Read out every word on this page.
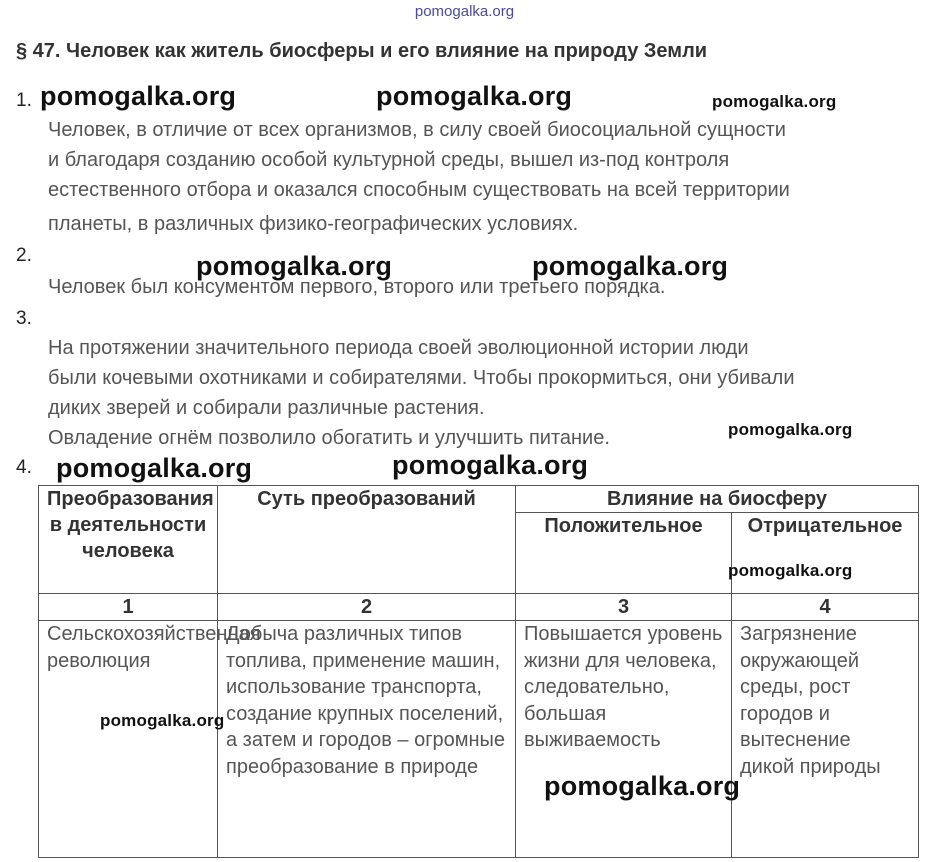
pomogalka.org
§ 47. Человек как житель биосферы и его влияние на природу Земли
1.
Человек, в отличие от всех организмов, в силу своей биосоциальной сущности
и благодаря созданию особой культурной среды, вышел из-под контроля
естественного отбора и оказался способным существовать на всей территории
планеты, в различных физико-географических условиях.
2.
Человек был консументом первого, второго или третьего порядка.
3.
На протяжении значительного периода своей эволюционной истории люди
были кочевыми охотниками и собирателями. Чтобы прокормиться, они убивали
диких зверей и собирали различные растения.
Овладение огнём позволило обогатить и улучшить питание.
4.
Преобразования в деятельности человека	Суть преобразований	Влияние на биосферу	
		Положительное	Отрицательное
1	2	3	4
Сельскохозяйственная революция	Добыча различных типов топлива, применение машин, использование транспорта, создание крупных поселений, а затем и городов – огромные преобразование в природе	Повышается уровень жизни для человека, следовательно, большая выживаемость	Загрязнение окружающей среды, рост городов и вытеснение дикой природы
pomogalka.org	pomogalka.org	pomogalka.org
pomogalka.org	pomogalka.org
pomogalka.org
pomogalka.org	pomogalka.org
pomogalka.org
pomogalka.org
pomogalka.org
